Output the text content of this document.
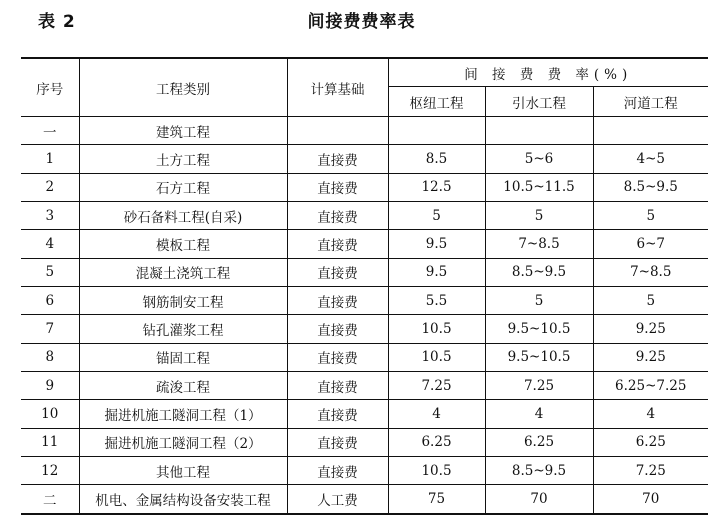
表 2	间接费费率表
序号	工程类别	计算基础	间 接 费 费 率(%)		
			枢纽工程	引水工程	河道工程
一	建筑工程				
1	土方工程	直接费	8.5	5~6	4~5
2	石方工程	直接费	12.5	10.5~11.5	8.5~9.5
3	砂石备料工程(自采)	直接费	5	5	5
4	模板工程	直接费	9.5	7~8.5	6~7
5	混凝土浇筑工程	直接费	9.5	8.5~9.5	7~8.5
6	钢筋制安工程	直接费	5.5	5	5
7	钻孔灌浆工程	直接费	10.5	9.5~10.5	9.25
8	锚固工程	直接费	10.5	9.5~10.5	9.25
9	疏浚工程	直接费	7.25	7.25	6.25~7.25
10	掘进机施工隧洞工程（1）	直接费	4	4	4
11	掘进机施工隧洞工程（2）	直接费	6.25	6.25	6.25
12	其他工程	直接费	10.5	8.5~9.5	7.25
二	机电、金属结构设备安装工程	人工费	75	70	70
